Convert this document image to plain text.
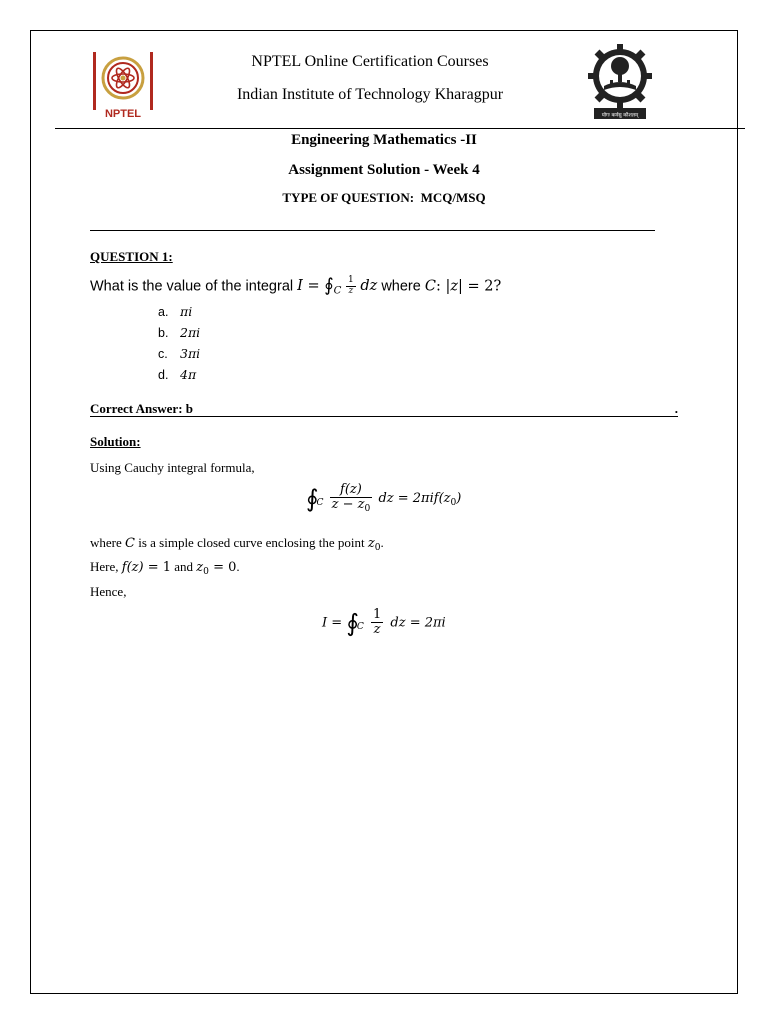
NPTEL	योगः कर्मसु कौशलम्
NPTEL Online Certification Courses
Indian Institute of Technology Kharagpur
Engineering Mathematics -II
Assignment Solution - Week 4
TYPE OF QUESTION:  MCQ/MSQ
QUESTION 1:
What is the value of the integral $I = ∮_C \frac{1}{z}$ dz where C: |z| = 2?
a. πi
b. 2πi
c. 3πi
d. 4π
Correct Answer: b	.
Solution:
Using Cauchy integral formula,
$∮_C \frac{f(z)}{z - z_0}$ dz = $2\pi if(z_0)$
where C is a simple closed curve enclosing the point $z_0$.
Here, f(z) = 1 and $z_0 = 0$.
Hence,
$I = ∮_C \frac{1}{z}$ dz = 2πi
